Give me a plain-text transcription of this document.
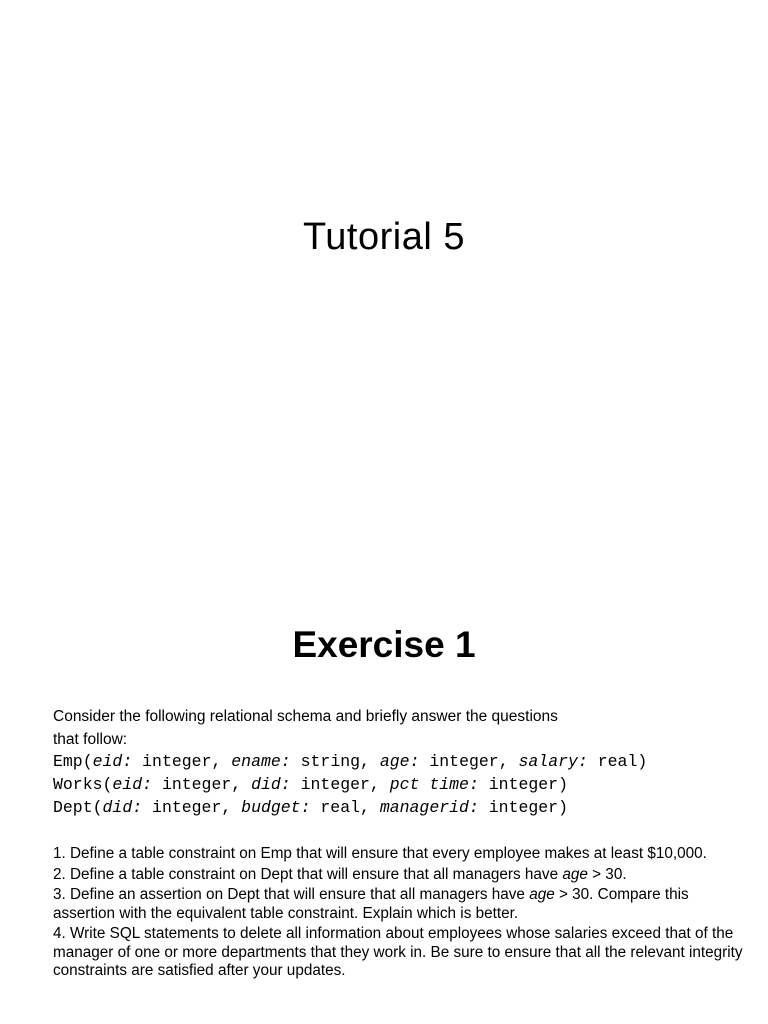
Tutorial 5
Exercise 1

Consider the following relational schema and briefly answer the questions
that follow:

Emp(eid: integer, ename: string, age: integer, salary: real)
Works(eid: integer, did: integer, pct time: integer)
Dept(did: integer, budget: real, managerid: integer)
1. Define a table constraint on Emp that will ensure that every employee makes at least $10,000.
2. Define a table constraint on Dept that will ensure that all managers have age > 30.
3. Define an assertion on Dept that will ensure that all managers have age > 30. Compare this assertion with the equivalent table constraint. Explain which is better.
4. Write SQL statements to delete all information about employees whose salaries exceed that of the manager of one or more departments that they work in. Be sure to ensure that all the relevant integrity constraints are satisfied after your updates.
